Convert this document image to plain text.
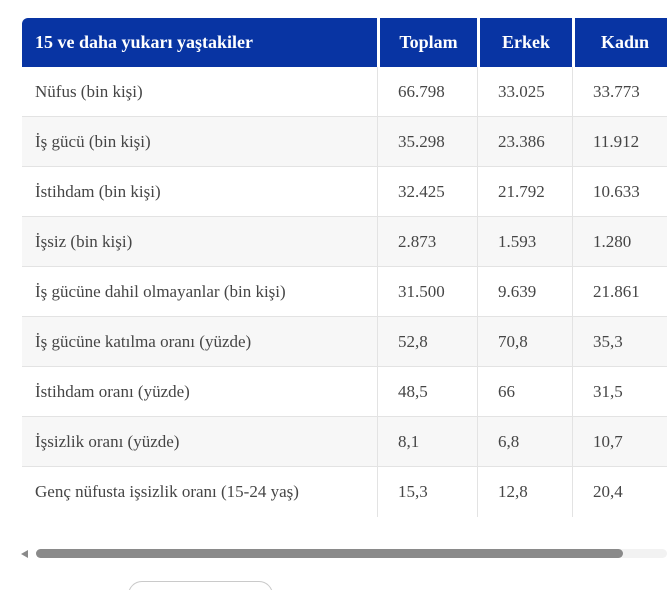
15 ve daha yukarı yaştakiler	Toplam	Erkek	Kadın
Nüfus (bin kişi)	66.798	33.025	33.773
İş gücü (bin kişi)	35.298	23.386	11.912
İstihdam (bin kişi)	32.425	21.792	10.633
İşsiz (bin kişi)	2.873	1.593	1.280
İş gücüne dahil olmayanlar (bin kişi)	31.500	9.639	21.861
İş gücüne katılma oranı (yüzde)	52,8	70,8	35,3
İstihdam oranı (yüzde)	48,5	66	31,5
İşsizlik oranı (yüzde)	8,1	6,8	10,7
Genç nüfusta işsizlik oranı (15-24 yaş)	15,3	12,8	20,4
